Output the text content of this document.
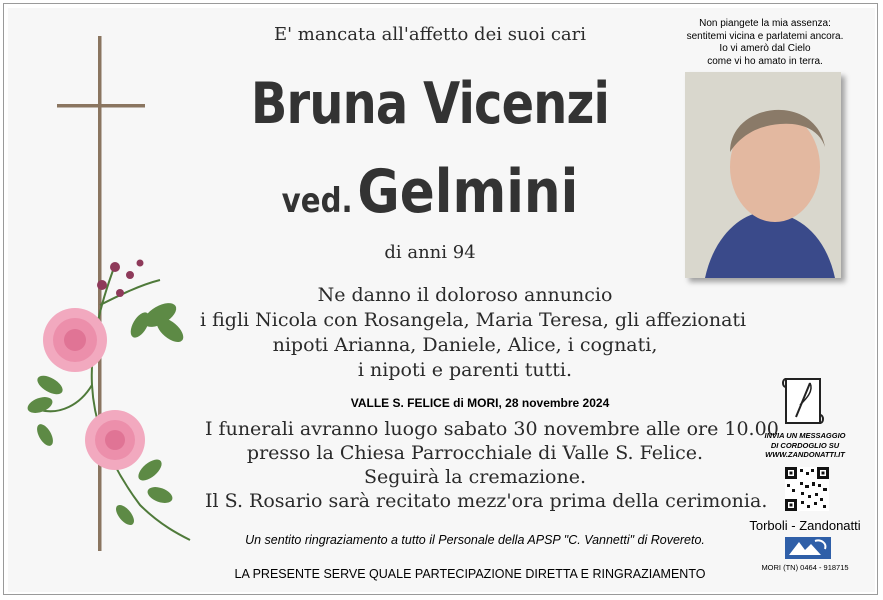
E' mancata all'affetto dei suoi cari
Bruna Vicenzi
ved. Gelmini
di anni 94
Ne danno il doloroso annuncio
i figli Nicola con Rosangela, Maria Teresa, gli affezionati
nipoti Arianna, Daniele, Alice, i cognati,
i nipoti e parenti tutti.
VALLE S. FELICE di MORI, 28 novembre 2024
I funerali avranno luogo sabato 30 novembre alle ore 10.00
presso la Chiesa Parrocchiale di Valle S. Felice.
Seguirà la cremazione.
Il S. Rosario sarà recitato mezz'ora prima della cerimonia.
Un sentito ringraziamento a tutto il Personale della APSP "C. Vannetti" di Rovereto.
LA PRESENTE SERVE QUALE PARTECIPAZIONE DIRETTA E RINGRAZIAMENTO
Non piangete la mia assenza:
sentitemi vicina e parlatemi ancora.
Io vi amerò dal Cielo
come vi ho amato in terra.
INVIA UN MESSAGGIO
DI CORDOGLIO SU
WWW.ZANDONATTI.IT
Torboli - Zandonatti
MORI (TN) 0464 - 918715
